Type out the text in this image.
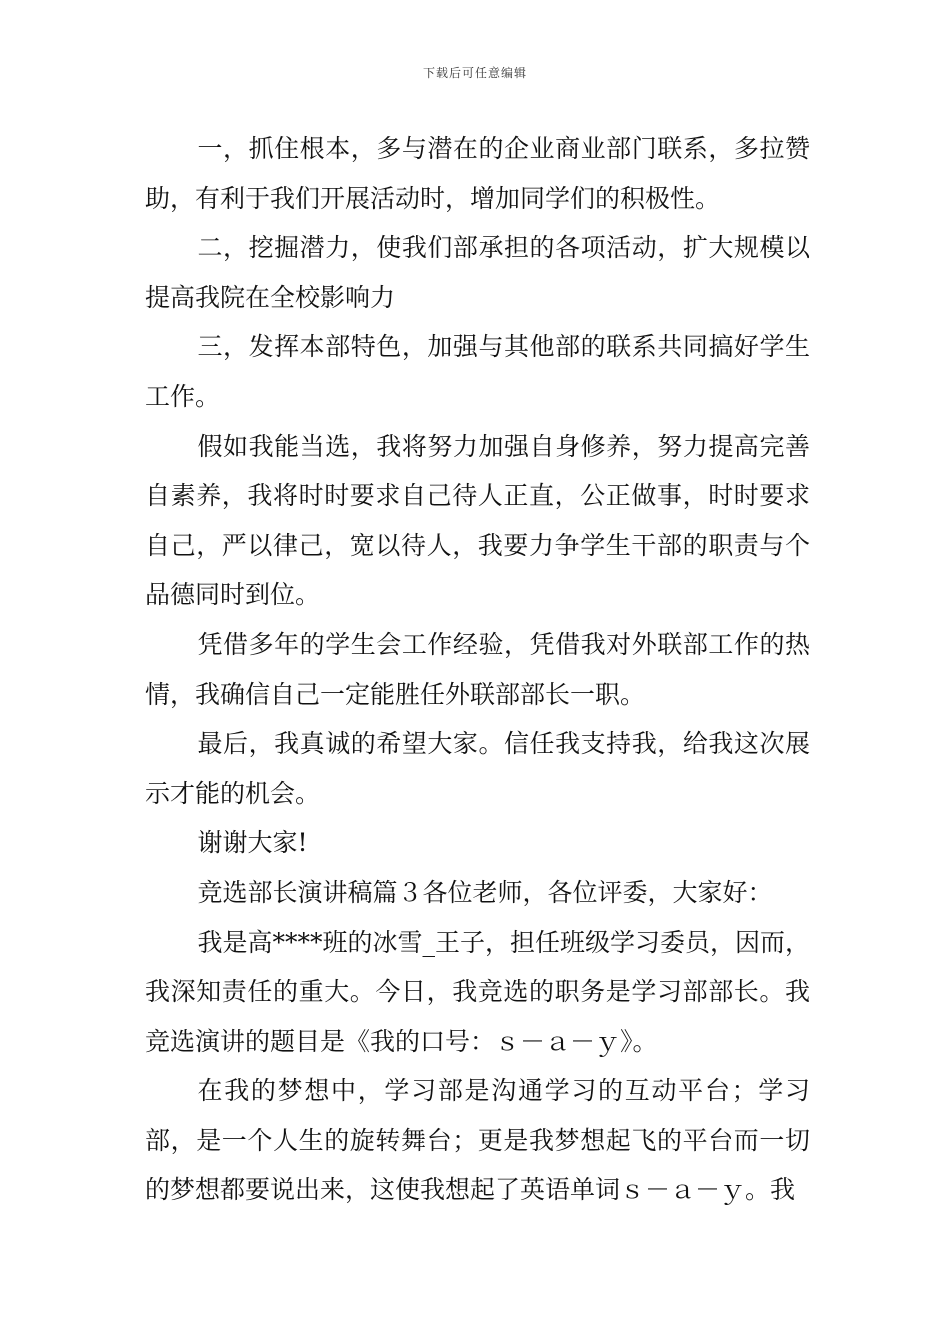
下载后可任意编辑

一，抓住根本，多与潜在的企业商业部门联系，多拉赞助，有利于我们开展活动时，增加同学们的积极性。

二，挖掘潜力，使我们部承担的各项活动，扩大规模以提高我院在全校影响力

三，发挥本部特色，加强与其他部的联系共同搞好学生工作。

假如我能当选，我将努力加强自身修养，努力提高完善自素养，我将时时要求自己待人正直，公正做事，时时要求自己，严以律己，宽以待人，我要力争学生干部的职责与个品德同时到位。

凭借多年的学生会工作经验，凭借我对外联部工作的热情，我确信自己一定能胜任外联部部长一职。

最后，我真诚的希望大家。信任我支持我，给我这次展示才能的机会。

谢谢大家!

竞选部长演讲稿篇３各位老师，各位评委，大家好：

我是高****班的冰雪_王子，担任班级学习委员，因而，我深知责任的重大。今日，我竞选的职务是学习部部长。我竞选演讲的题目是《我的口号：ｓ－ａ－ｙ》。

在我的梦想中，学习部是沟通学习的互动平台；学习部，是一个人生的旋转舞台；更是我梦想起飞的平台而一切的梦想都要说出来，这使我想起了英语单词ｓ－ａ－ｙ。我
